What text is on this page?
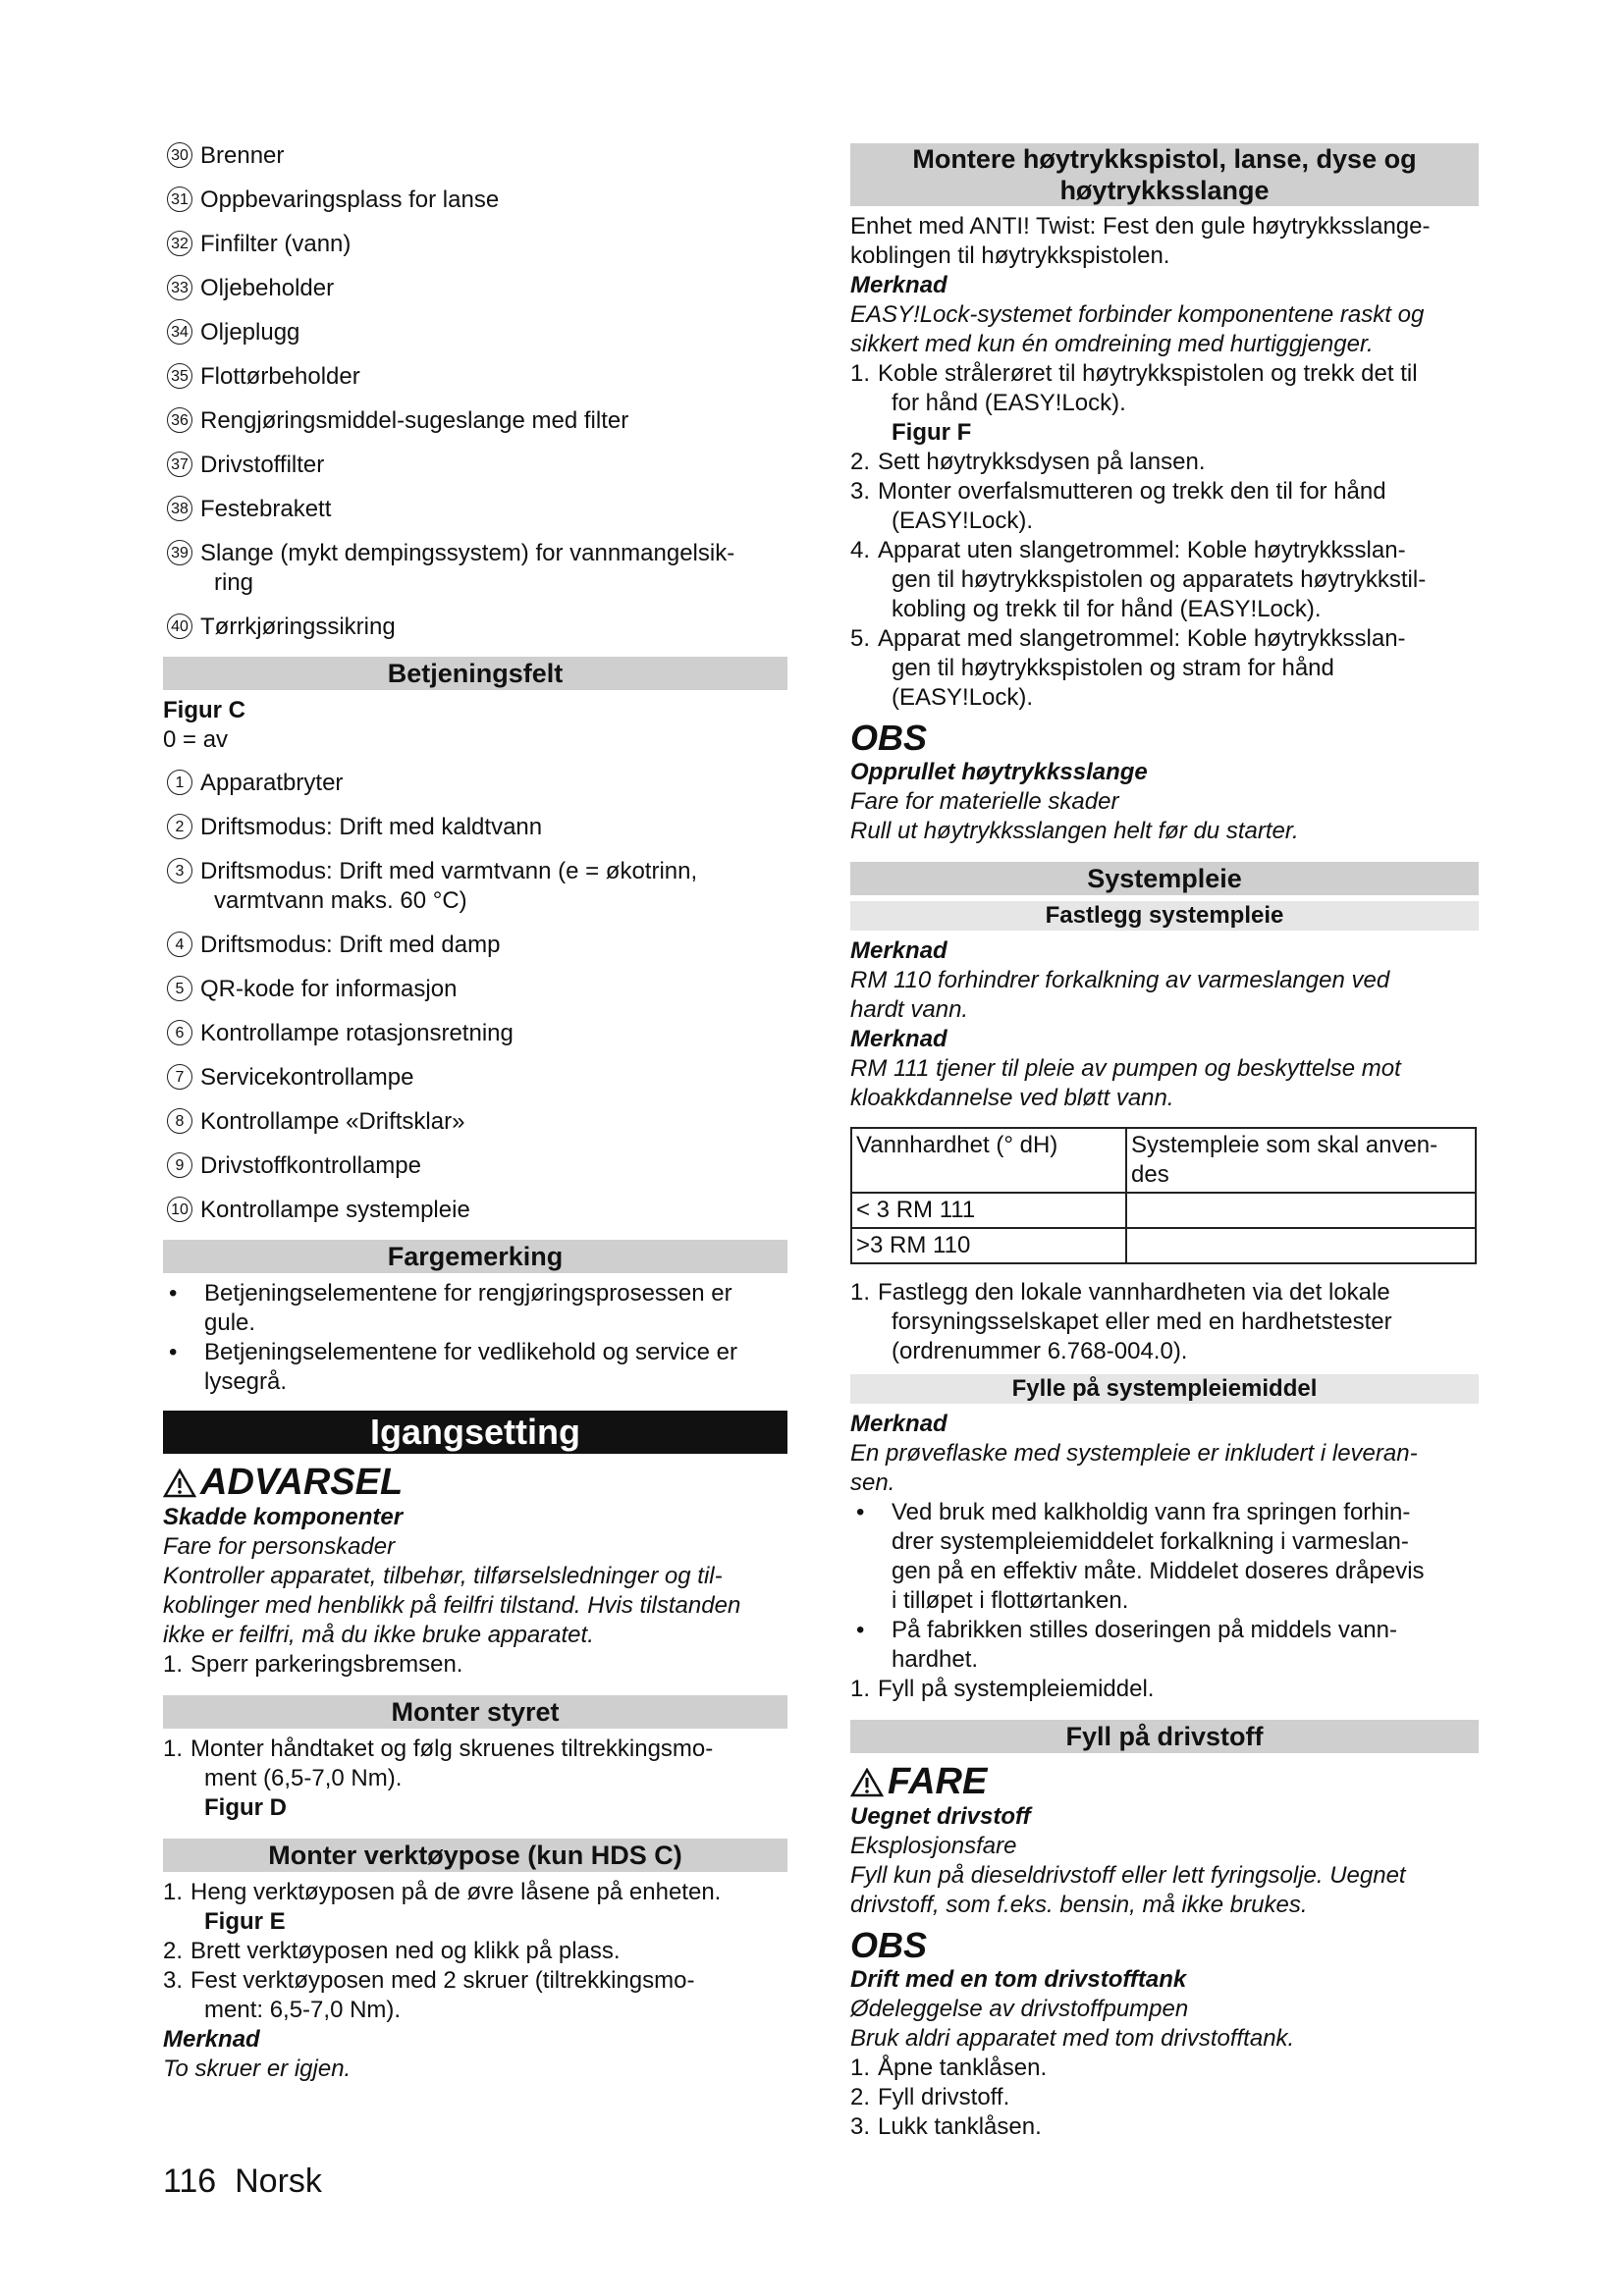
30 Brenner
31 Oppbevaringsplass for lanse
32 Finfilter (vann)
33 Oljebeholder
34 Oljeplugg
35 Flottørbeholder
36 Rengjøringsmiddel-sugeslange med filter
37 Drivstoffilter
38 Festebrakett
39 Slange (mykt dempingssystem) for vannmangelsik-
ring
40 Tørrkjøringssikring
Betjeningsfelt
Figur C
0 = av
1 Apparatbryter
2 Driftsmodus: Drift med kaldtvann
3 Driftsmodus: Drift med varmtvann (e = økotrinn,
varmtvann maks. 60 °C)
4 Driftsmodus: Drift med damp
5 QR-kode for informasjon
6 Kontrollampe rotasjonsretning
7 Servicekontrollampe
8 Kontrollampe «Driftsklar»
9 Drivstoffkontrollampe
10 Kontrollampe systempleie
Fargemerking
• Betjeningselementene for rengjøringsprosessen er
gule.
• Betjeningselementene for vedlikehold og service er
lysegrå.
Igangsetting
ADVARSEL
Skadde komponenter
Fare for personskader
Kontroller apparatet, tilbehør, tilførselsledninger og til-
koblinger med henblikk på feilfri tilstand. Hvis tilstanden
ikke er feilfri, må du ikke bruke apparatet.
1. Sperr parkeringsbremsen.
Monter styret
1. Monter håndtaket og følg skruenes tiltrekkingsmo-
ment (6,5-7,0 Nm).
Figur D
Monter verktøypose (kun HDS C)
1. Heng verktøyposen på de øvre låsene på enheten.
Figur E
2. Brett verktøyposen ned og klikk på plass.
3. Fest verktøyposen med 2 skruer (tiltrekkingsmo-
ment: 6,5-7,0 Nm).
Merknad
To skruer er igjen.
Montere høytrykkspistol, lanse, dyse og
høytrykksslange
Enhet med ANTI! Twist: Fest den gule høytrykksslange-
koblingen til høytrykkspistolen.
Merknad
EASY!Lock-systemet forbinder komponentene raskt og
sikkert med kun én omdreining med hurtiggjenger.
1. Koble strålerøret til høytrykkspistolen og trekk det til
for hånd (EASY!Lock).
Figur F
2. Sett høytrykksdysen på lansen.
3. Monter overfalsmutteren og trekk den til for hånd
(EASY!Lock).
4. Apparat uten slangetrommel: Koble høytrykksslan-
gen til høytrykkspistolen og apparatets høytrykkstil-
kobling og trekk til for hånd (EASY!Lock).
5. Apparat med slangetrommel: Koble høytrykksslan-
gen til høytrykkspistolen og stram for hånd
(EASY!Lock).
OBS
Opprullet høytrykksslange
Fare for materielle skader
Rull ut høytrykksslangen helt før du starter.
Systempleie
Fastlegg systempleie
Merknad
RM 110 forhindrer forkalkning av varmeslangen ved
hardt vann.
Merknad
RM 111 tjener til pleie av pumpen og beskyttelse mot
kloakkdannelse ved bløtt vann.
Vannhardhet (° dH)	Systempleie som skal anven-
des
< 3 RM 111	
>3 RM 110	
1. Fastlegg den lokale vannhardheten via det lokale
forsyningsselskapet eller med en hardhetstester
(ordrenummer 6.768-004.0).
Fylle på systempleiemiddel
Merknad
En prøveflaske med systempleie er inkludert i leveran-
sen.
• Ved bruk med kalkholdig vann fra springen forhin-
drer systempleiemiddelet forkalkning i varmeslan-
gen på en effektiv måte. Middelet doseres dråpevis
i tilløpet i flottørtanken.
• På fabrikken stilles doseringen på middels vann-
hardhet.
1. Fyll på systempleiemiddel.
Fyll på drivstoff
FARE
Uegnet drivstoff
Eksplosjonsfare
Fyll kun på dieseldrivstoff eller lett fyringsolje. Uegnet
drivstoff, som f.eks. bensin, må ikke brukes.
OBS
Drift med en tom drivstofftank
Ødeleggelse av drivstoffpumpen
Bruk aldri apparatet med tom drivstofftank.
1. Åpne tanklåsen.
2. Fyll drivstoff.
3. Lukk tanklåsen.
116 Norsk
